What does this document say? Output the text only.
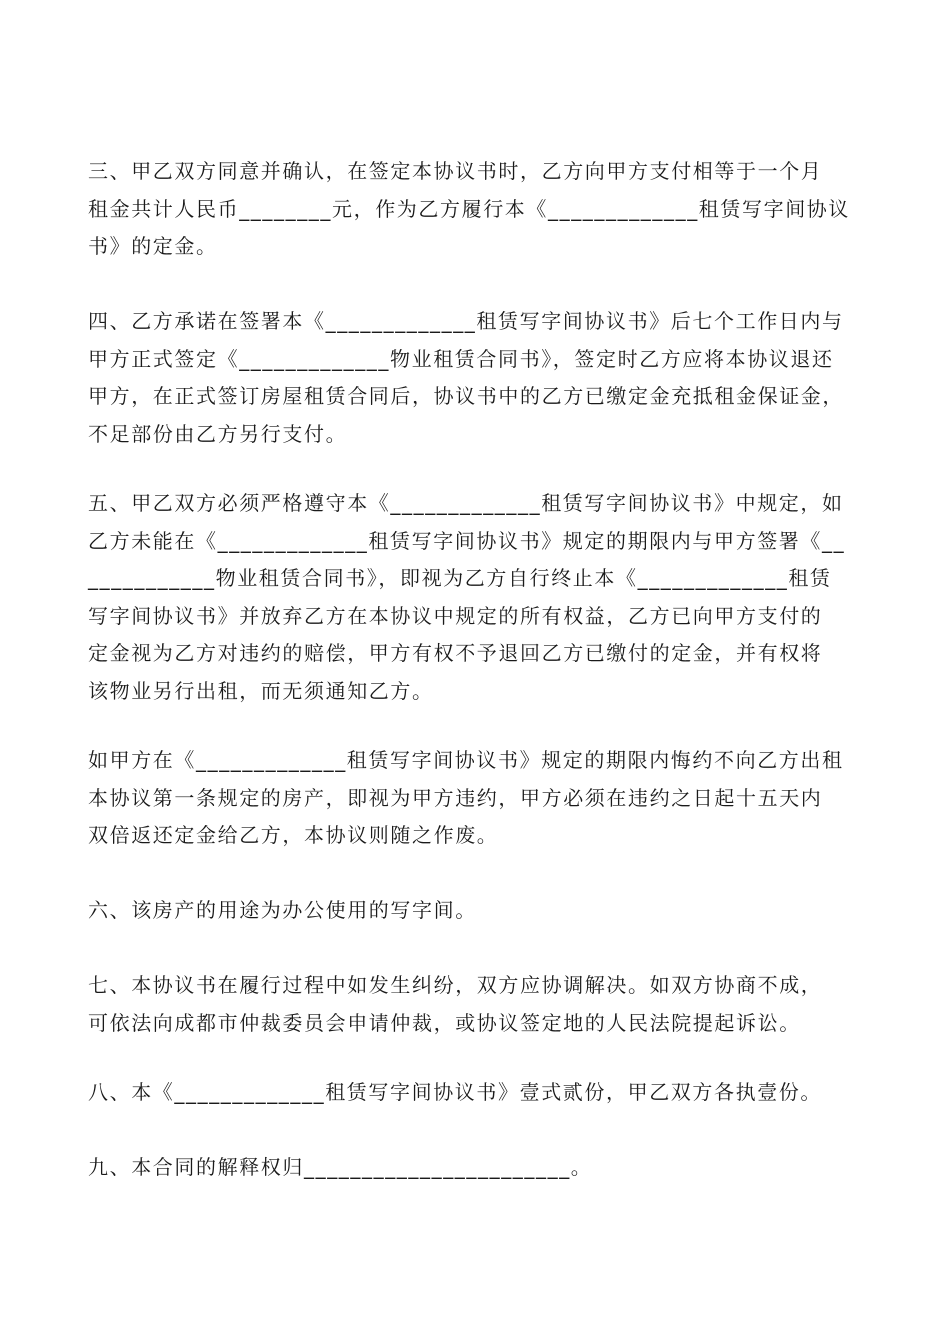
三、甲乙双方同意并确认，在签定本协议书时，乙方向甲方支付相等于一个月
租金共计人民币________元，作为乙方履行本《_____________租赁写字间协议
书》的定金。

四、乙方承诺在签署本《_____________租赁写字间协议书》后七个工作日内与
甲方正式签定《_____________物业租赁合同书》，签定时乙方应将本协议退还
甲方，在正式签订房屋租赁合同后，协议书中的乙方已缴定金充抵租金保证金，
不足部份由乙方另行支付。

五、甲乙双方必须严格遵守本《_____________租赁写字间协议书》中规定，如
乙方未能在《_____________租赁写字间协议书》规定的期限内与甲方签署《__
___________物业租赁合同书》，即视为乙方自行终止本《_____________租赁
写字间协议书》并放弃乙方在本协议中规定的所有权益，乙方已向甲方支付的
定金视为乙方对违约的赔偿，甲方有权不予退回乙方已缴付的定金，并有权将
该物业另行出租，而无须通知乙方。

如甲方在《_____________租赁写字间协议书》规定的期限内悔约不向乙方出租
本协议第一条规定的房产，即视为甲方违约，甲方必须在违约之日起十五天内
双倍返还定金给乙方，本协议则随之作废。

六、该房产的用途为办公使用的写字间。

七、本协议书在履行过程中如发生纠纷，双方应协调解决。如双方协商不成，
可依法向成都市仲裁委员会申请仲裁，或协议签定地的人民法院提起诉讼。

八、本《_____________租赁写字间协议书》壹式贰份，甲乙双方各执壹份。

九、本合同的解释权归_______________________。
